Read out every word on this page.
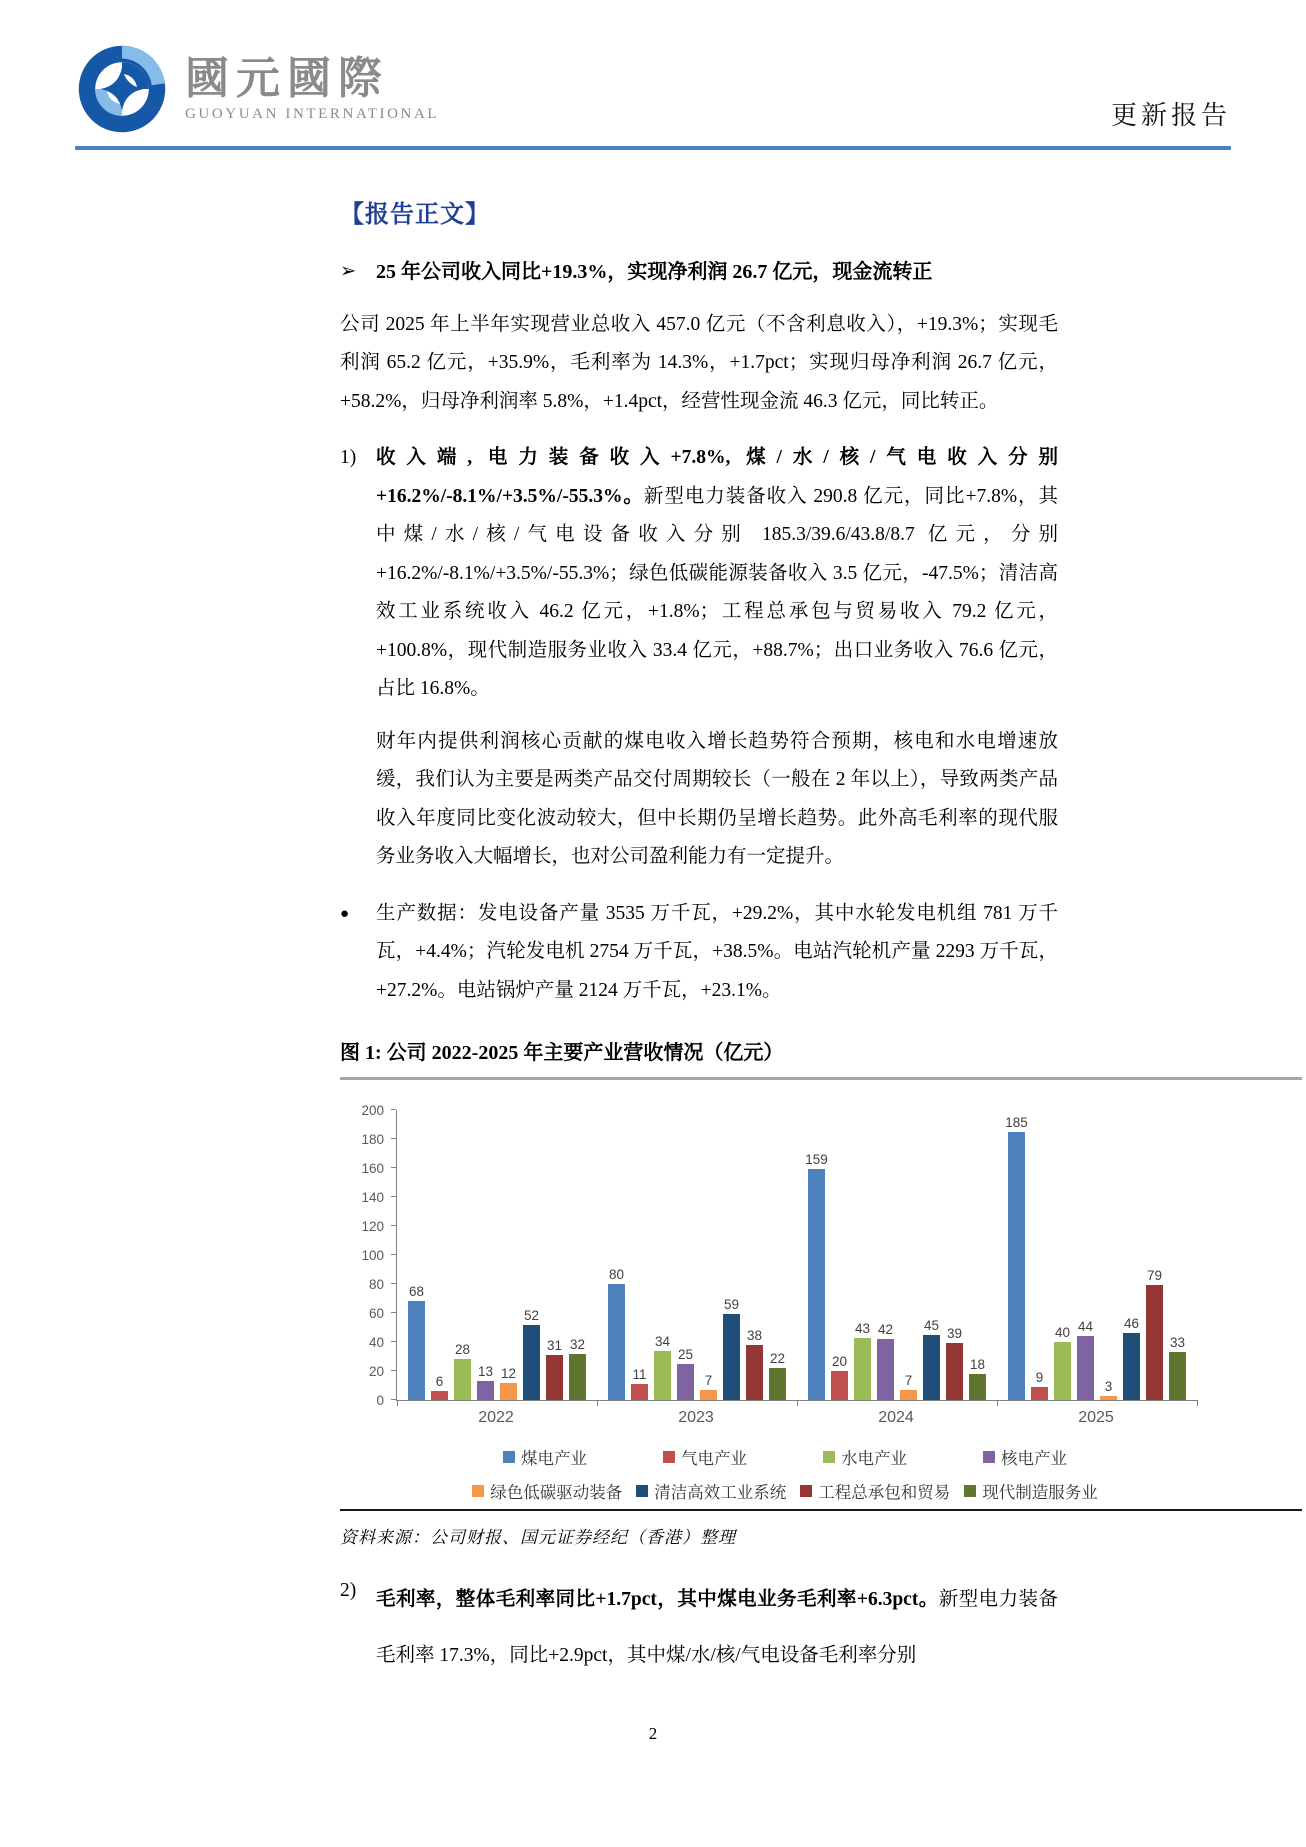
國元國際
GUOYUAN INTERNATIONAL	更新报告
【报告正文】
➢ 25 年公司收入同比+19.3%，实现净利润 26.7 亿元，现金流转正

公司 2025 年上半年实现营业总收入 457.0 亿元（不含利息收入），+19.3%；实现毛利润 65.2 亿元，+35.9%，毛利率为 14.3%，+1.7pct；实现归母净利润 26.7 亿元，+58.2%，归母净利润率 5.8%，+1.4pct，经营性现金流 46.3 亿元，同比转正。

1)	收入端, 电力装备收入+7.8%, 煤/水/核/气电收入分别+16.2%/-8.1%/+3.5%/-55.3%。新型电力装备收入 290.8 亿元，同比+7.8%，其中煤/水/核/气电设备收入分别 185.3/39.6/43.8/8.7 亿元，分别+16.2%/-8.1%/+3.5%/-55.3%；绿色低碳能源装备收入 3.5 亿元，-47.5%；清洁高效工业系统收入 46.2 亿元，+1.8%；工程总承包与贸易收入 79.2 亿元，+100.8%，现代制造服务业收入 33.4 亿元，+88.7%；出口业务收入 76.6 亿元，占比 16.8%。

财年内提供利润核心贡献的煤电收入增长趋势符合预期，核电和水电增速放缓，我们认为主要是两类产品交付周期较长（一般在 2 年以上），导致两类产品收入年度同比变化波动较大，但中长期仍呈增长趋势。此外高毛利率的现代服务业务收入大幅增长，也对公司盈利能力有一定提升。

●	生产数据：发电设备产量 3535 万千瓦，+29.2%，其中水轮发电机组 781 万千瓦，+4.4%；汽轮发电机 2754 万千瓦，+38.5%。电站汽轮机产量 2293 万千瓦，+27.2%。电站锅炉产量 2124 万千瓦，+23.1%。

图 1: 公司 2022-2025 年主要产业营收情况（亿元）
0
20
40
60
80
100
120
140
160
180
200
68
6
28
13 12
52
31 32
80
11
34
25
7
59
38
22
159
20
43 42
7
45
39
18
185
9
40 44
3
46
79
33
2022	2023	2024	2025
煤电产业	气电产业	水电产业	核电产业
绿色低碳驱动装备 清洁高效工业系统 工程总承包和贸易 现代制造服务业
资料来源：公司财报、国元证券经纪（香港）整理
2)	毛利率，整体毛利率同比+1.7pct，其中煤电业务毛利率+6.3pct。新型电力装备毛利率 17.3%，同比+2.9pct，其中煤/水/核/气电设备毛利率分别

2
